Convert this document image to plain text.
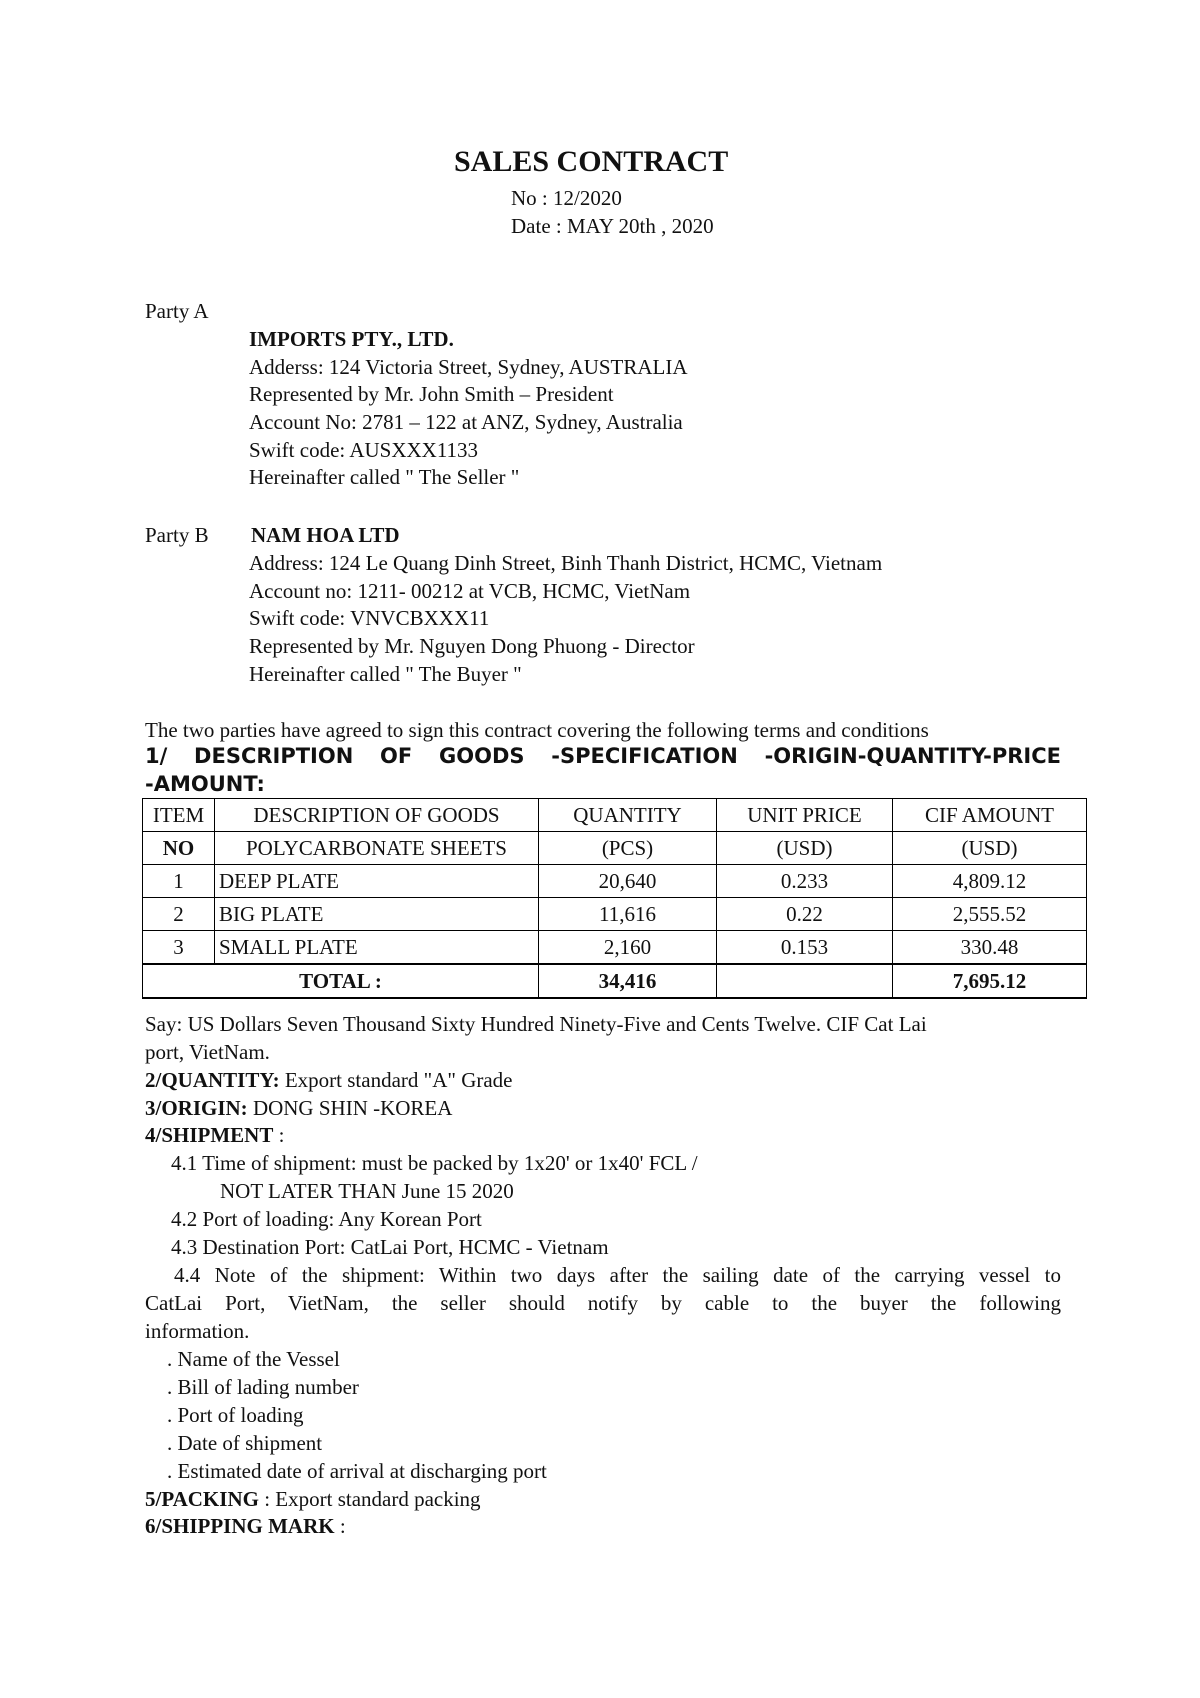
SALES CONTRACT
No : 12/2020
Date : MAY 20th , 2020
Party A
IMPORTS PTY., LTD.
Adderss: 124 Victoria Street, Sydney, AUSTRALIA
Represented by Mr. John Smith – President
Account No: 2781 – 122 at ANZ, Sydney, Australia
Swift code: AUSXXX1133
Hereinafter called " The Seller "
Party B NAM HOA LTD
Address: 124 Le Quang Dinh Street, Binh Thanh District, HCMC, Vietnam
Account no: 1211- 00212 at VCB, HCMC, VietNam
Swift code: VNVCBXXX11
Represented by Mr. Nguyen Dong Phuong - Director
Hereinafter called " The Buyer "
The two parties have agreed to sign this contract covering the following terms and conditions
1/ DESCRIPTION OF GOODS -SPECIFICATION -ORIGIN-QUANTITY-PRICE
-AMOUNT:
ITEM	DESCRIPTION OF GOODS	QUANTITY	UNIT PRICE	CIF AMOUNT
NO	POLYCARBONATE SHEETS	(PCS)	(USD)	(USD)
1	DEEP PLATE	20,640	0.233	4,809.12
2	BIG PLATE	11,616	0.22	2,555.52
3	SMALL PLATE	2,160	0.153	330.48
TOTAL :		34,416		7,695.12
Say: US Dollars Seven Thousand Sixty Hundred Ninety-Five and Cents Twelve. CIF Cat Lai
port, VietNam.
2/QUANTITY: Export standard "A" Grade
3/ORIGIN: DONG SHIN -KOREA
4/SHIPMENT :
4.1 Time of shipment: must be packed by 1x20' or 1x40' FCL /
NOT LATER THAN June 15 2020
4.2 Port of loading: Any Korean Port
4.3 Destination Port: CatLai Port, HCMC - Vietnam
4.4 Note of the shipment: Within two days after the sailing date of the carrying vessel to
CatLai Port, VietNam, the seller should notify by cable to the buyer the following
information.
. Name of the Vessel
. Bill of lading number
. Port of loading
. Date of shipment
. Estimated date of arrival at discharging port
5/PACKING : Export standard packing
6/SHIPPING MARK :
